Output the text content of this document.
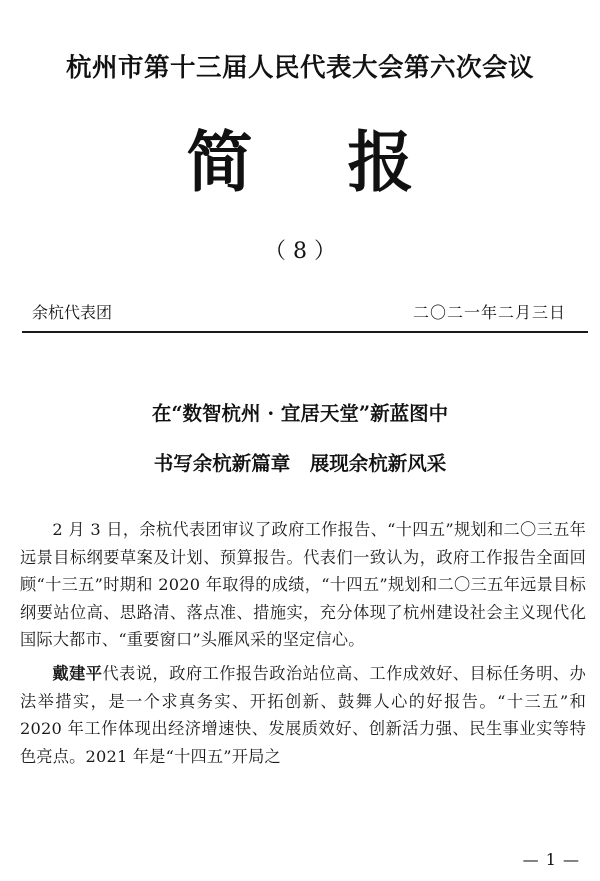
杭州市第十三届人民代表大会第六次会议
简 报
（ 8 ）
余杭代表团	二〇二一年二月三日
在“数智杭州 · 宜居天堂”新蓝图中
书写余杭新篇章　展现余杭新风采

2 月 3 日，余杭代表团审议了政府工作报告、“十四五”规划和二〇三五年远景目标纲要草案及计划、预算报告。代表们一致认为，政府工作报告全面回顾“十三五”时期和 2020 年取得的成绩，“十四五”规划和二〇三五年远景目标纲要站位高、思路清、落点准、措施实，充分体现了杭州建设社会主义现代化国际大都市、“重要窗口”头雁风采的坚定信心。

戴建平代表说，政府工作报告政治站位高、工作成效好、目标任务明、办法举措实，是一个求真务实、开拓创新、鼓舞人心的好报告。“十三五”和 2020 年工作体现出经济增速快、发展质效好、创新活力强、民生事业实等特色亮点。2021 年是“十四五”开局之

— 1 —
